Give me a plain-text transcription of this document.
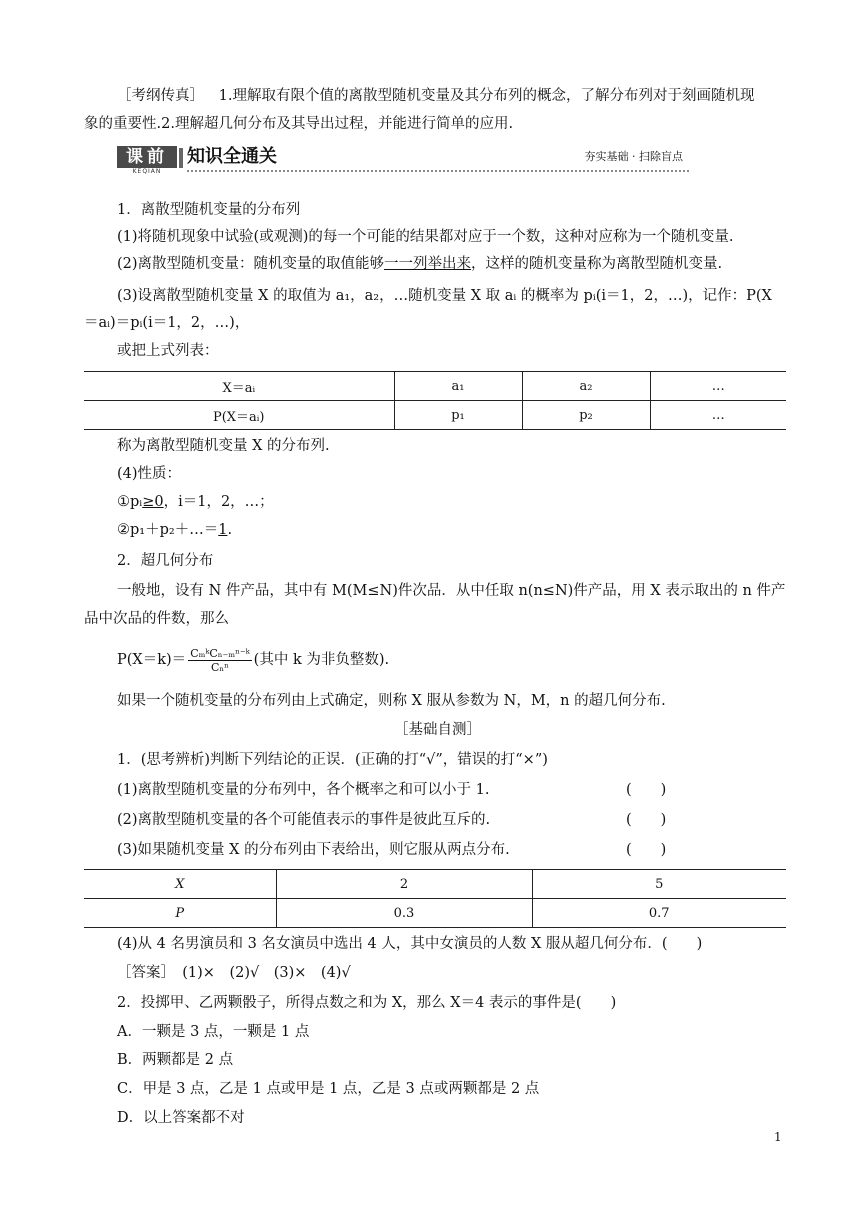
［考纲传真］ 1.理解取有限个值的离散型随机变量及其分布列的概念，了解分布列对于刻画随机现
象的重要性.2.理解超几何分布及其导出过程，并能进行简单的应用.
课前
KEQIAN
知识全通关	夯实基础 · 扫除盲点
1．离散型随机变量的分布列
(1)将随机现象中试验(或观测)的每一个可能的结果都对应于一个数，这种对应称为一个随机变量.
(2)离散型随机变量：随机变量的取值能够一一列举出来，这样的随机变量称为离散型随机变量.
(3)设离散型随机变量 X 的取值为 a₁，a₂，…随机变量 X 取 aᵢ 的概率为 pᵢ(i＝1，2，…)，记作：P(X
＝aᵢ)＝pᵢ(i＝1，2，…)，
或把上式列表：
X＝aᵢ	a₁	a₂	…
P(X＝aᵢ)	p₁	p₂	…
称为离散型随机变量 X 的分布列.
(4)性质：
①pᵢ≥0，i＝1，2，…；
②p₁＋p₂＋…＝1.
2．超几何分布
一般地，设有 N 件产品，其中有 M(M≤N)件次品．从中任取 n(n≤N)件产品，用 X 表示取出的 n 件产
品中次品的件数，那么
$P(X=k)= \frac{\text{CₘᵏCₙ₋ₘⁿ⁻ᵏ}}{\text{Cₙⁿ}}$ (其中 k 为非负整数).
如果一个随机变量的分布列由上式确定，则称 X 服从参数为 N，M，n 的超几何分布.
［基础自测］
1．(思考辨析)判断下列结论的正误．(正确的打“√”，错误的打“×”)
(1)离散型随机变量的分布列中，各个概率之和可以小于 1.	(　　)
(2)离散型随机变量的各个可能值表示的事件是彼此互斥的.	(　　)
(3)如果随机变量 X 的分布列由下表给出，则它服从两点分布.	(　　)
X	2	5
P	0.3	0.7
(4)从 4 名男演员和 3 名女演员中选出 4 人，其中女演员的人数 X 服从超几何分布．(　　)
［答案］　(1)×　(2)√　(3)×　(4)√
2．投掷甲、乙两颗骰子，所得点数之和为 X，那么 X＝4 表示的事件是(　　)
A．一颗是 3 点，一颗是 1 点
B．两颗都是 2 点
C．甲是 3 点，乙是 1 点或甲是 1 点，乙是 3 点或两颗都是 2 点
D．以上答案都不对
1
